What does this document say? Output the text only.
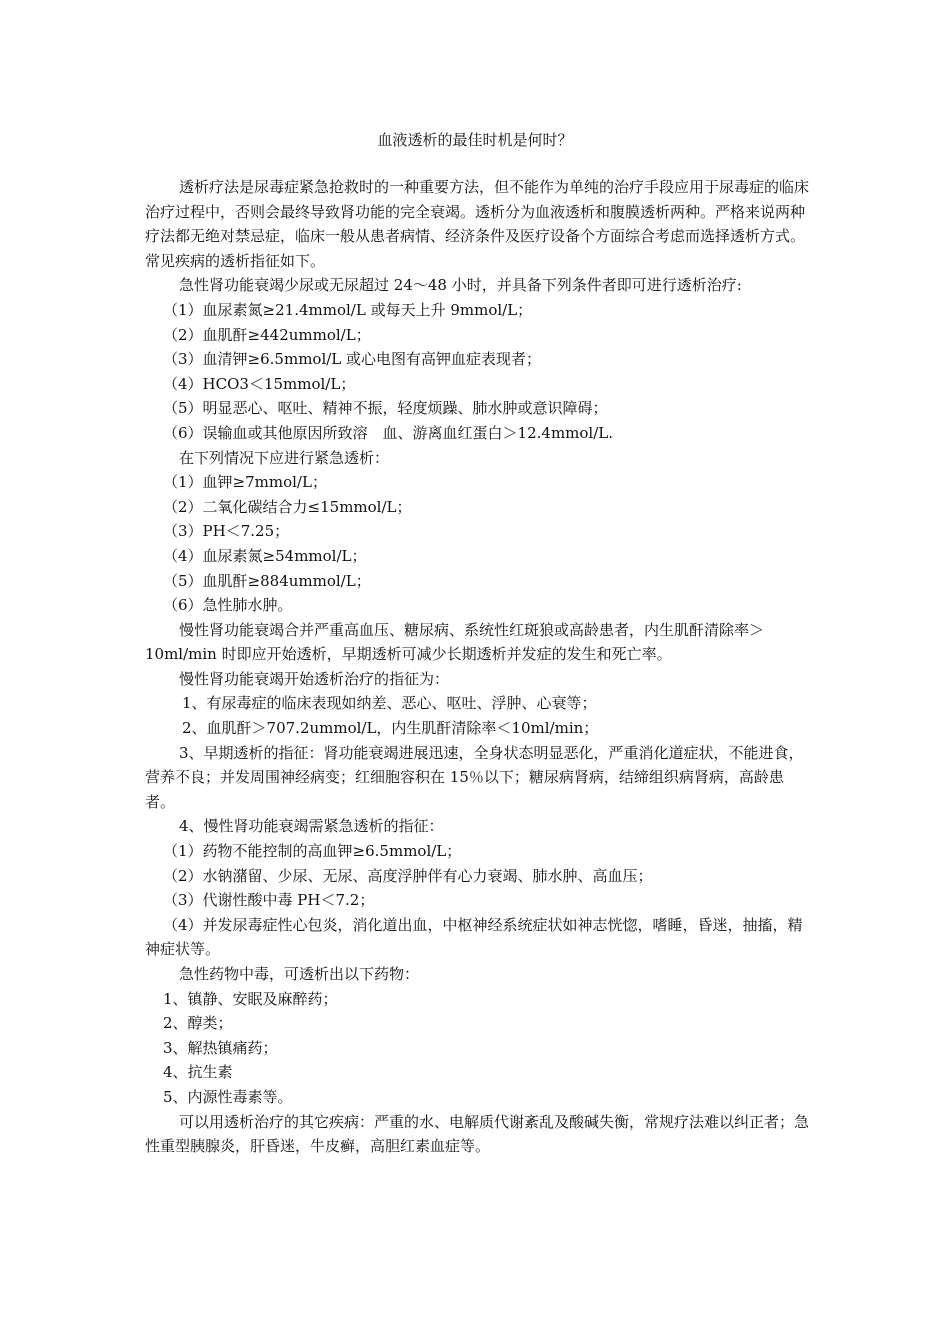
血液透析的最佳时机是何时？

透析疗法是尿毒症紧急抢救时的一种重要方法，但不能作为单纯的治疗手段应用于尿毒症的临床治疗过程中，否则会最终导致肾功能的完全衰竭。透析分为血液透析和腹膜透析两种。严格来说两种疗法都无绝对禁忌症，临床一般从患者病情、经济条件及医疗设备个方面综合考虑而选择透析方式。常见疾病的透析指征如下。

急性肾功能衰竭少尿或无尿超过 24～48 小时，并具备下列条件者即可进行透析治疗:

（1）血尿素氮≥21.4mmol/L 或每天上升 9mmol/L；

（2）血肌酐≥442ummol/L；

（3）血清钾≥6.5mmol/L 或心电图有高钾血症表现者；

（4）HCO3＜15mmol/L；

（5）明显恶心、呕吐、精神不振，轻度烦躁、肺水肿或意识障碍；

（6）误输血或其他原因所致溶　血、游离血红蛋白＞12.4mmol/L.

在下列情况下应进行紧急透析：

（1）血钾≥7mmol/L；

（2）二氧化碳结合力≤15mmol/L；

（3）PH＜7.25；

（4）血尿素氮≥54mmol/L；

（5）血肌酐≥884ummol/L；

（6）急性肺水肿。

慢性肾功能衰竭合并严重高血压、糖尿病、系统性红斑狼或高龄患者，内生肌酐清除率＞10ml/min 时即应开始透析，早期透析可减少长期透析并发症的发生和死亡率。

慢性肾功能衰竭开始透析治疗的指征为：

1、有尿毒症的临床表现如纳差、恶心、呕吐、浮肿、心衰等；

2、血肌酐＞707.2ummol/L，内生肌酐清除率＜10ml/min；

3、早期透析的指征：肾功能衰竭进展迅速，全身状态明显恶化，严重消化道症状，不能进食，营养不良；并发周围神经病变；红细胞容积在 15％以下；糖尿病肾病，结缔组织病肾病，高龄患者。

4、慢性肾功能衰竭需紧急透析的指征：

（1）药物不能控制的高血钾≥6.5mmol/L；

（2）水钠潴留、少尿、无尿、高度浮肿伴有心力衰竭、肺水肿、高血压；

（3）代谢性酸中毒 PH＜7.2；

（4）并发尿毒症性心包炎，消化道出血，中枢神经系统症状如神志恍惚，嗜睡，昏迷，抽搐，精神症状等。

急性药物中毒，可透析出以下药物：

1、镇静、安眠及麻醉药；

2、醇类；

3、解热镇痛药；

4、抗生素

5、内源性毒素等。

可以用透析治疗的其它疾病：严重的水、电解质代谢紊乱及酸碱失衡，常规疗法难以纠正者；急性重型胰腺炎，肝昏迷，牛皮癣，高胆红素血症等。
